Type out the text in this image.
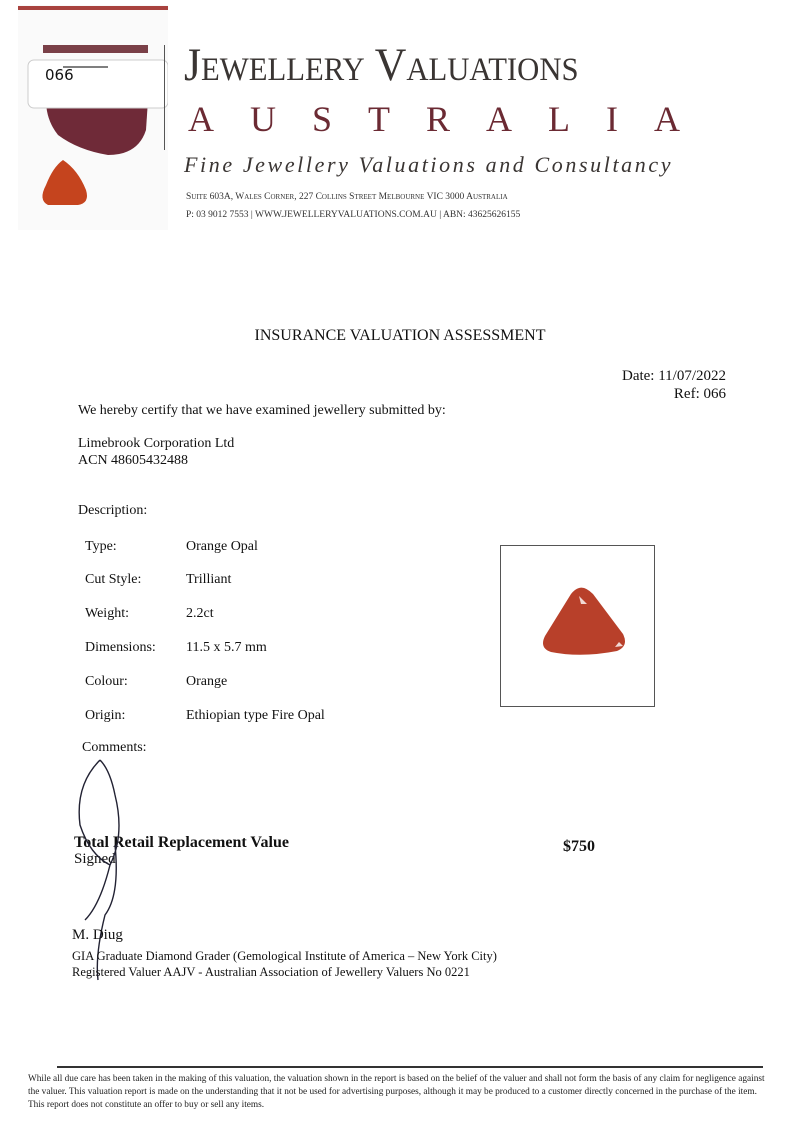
066 Jewellery Valuations
AUSTRALIA
Fine Jewellery Valuations and Consultancy
Suite 603A, Wales Corner, 227 Collins Street Melbourne VIC 3000 Australia
P: 03 9012 7553 | WWW.JEWELLERYVALUATIONS.COM.AU | ABN: 43625626155
INSURANCE VALUATION ASSESSMENT
Date: 11/07/2022
Ref: 066
We hereby certify that we have examined jewellery submitted by:
Limebrook Corporation Ltd
ACN 48605432488
Description:
Type:	Orange Opal
Cut Style:	Trilliant
Weight:	2.2ct
Dimensions: 11.5 x 5.7 mm
Colour:	Orange
Origin:	Ethiopian type Fire Opal
Comments:
Total Retail Replacement Value	$750
Signed
M. Diug
GIA Graduate Diamond Grader (Gemological Institute of America – New York City)
Registered Valuer AAJV - Australian Association of Jewellery Valuers No 0221
While all due care has been taken in the making of this valuation, the valuation shown in the report is based on the belief of the valuer and shall not form the basis of any claim for negligence against the valuer. This valuation report is made on the understanding that it not be used for advertising purposes, although it may be produced to a customer directly concerned in the purchase of the item. This report does not constitute an offer to buy or sell any items.
